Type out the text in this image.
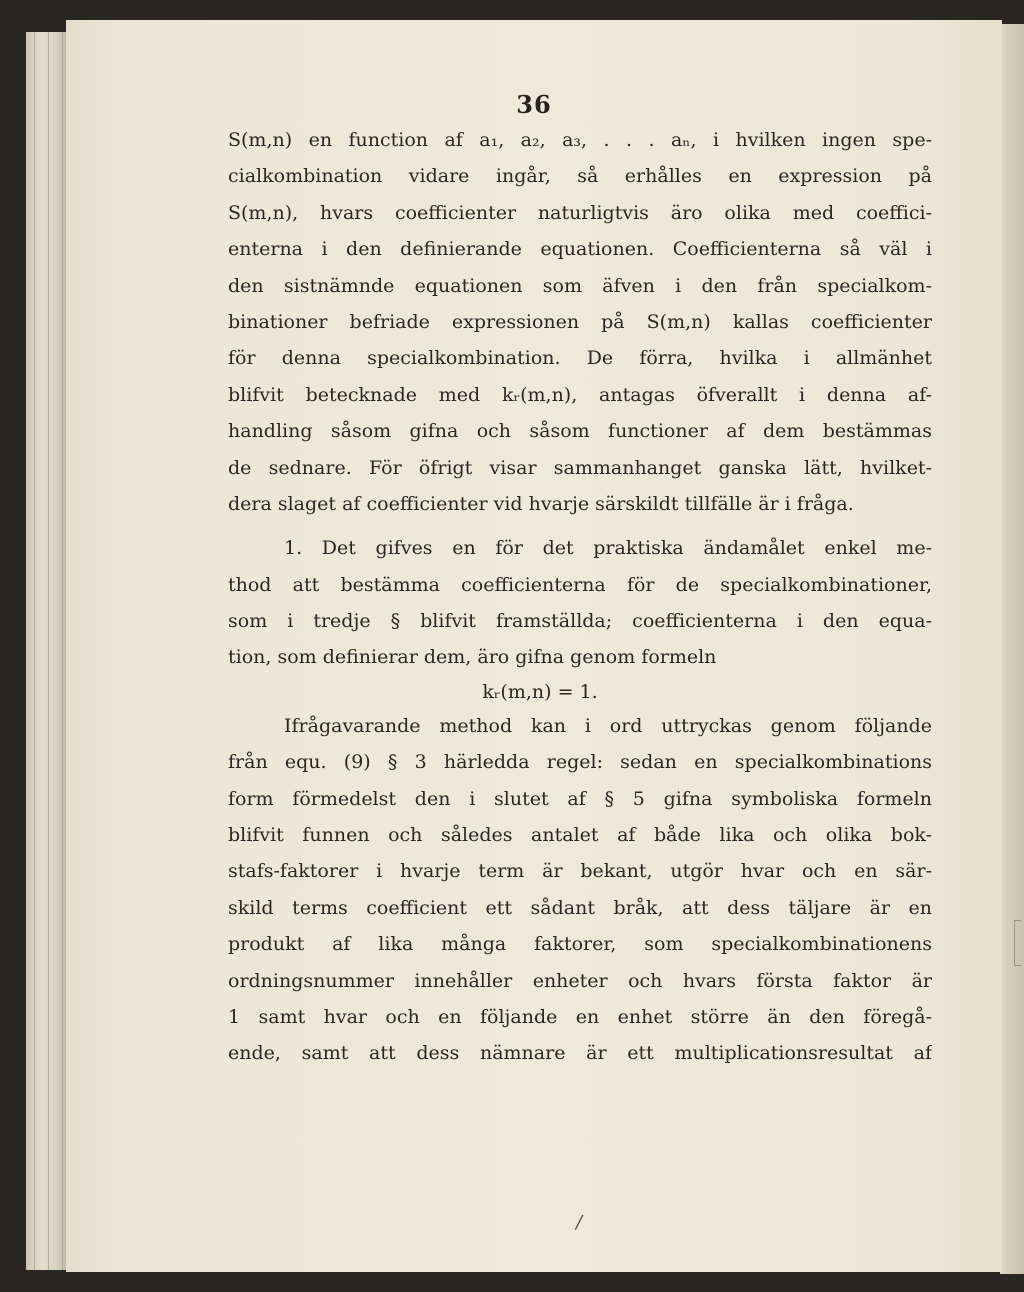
36
S(m,n) en function af a₁, a₂, a₃, . . . aₙ, i hvilken ingen spe-
cialkombination vidare ingår, så erhålles en expression på
S(m,n), hvars coefficienter naturligtvis äro olika med coeffici-
enterna i den definierande equationen. Coefficienterna så väl i
den sistnämnde equationen som äfven i den från specialkom-
binationer befriade expressionen på S(m,n) kallas coefficienter
för denna specialkombination. De förra, hvilka i allmänhet
blifvit betecknade med kᵣ(m,n), antagas öfverallt i denna af-
handling såsom gifna och såsom functioner af dem bestämmas
de sednare. För öfrigt visar sammanhanget ganska lätt, hvilket-
dera slaget af coefficienter vid hvarje särskildt tillfälle är i fråga.
1. Det gifves en för det praktiska ändamålet enkel me-
thod att bestämma coefficienterna för de specialkombinationer,
som i tredje § blifvit framställda; coefficienterna i den equa-
tion, som definierar dem, äro gifna genom formeln
kᵣ(m,n) = 1.
Ifrågavarande method kan i ord uttryckas genom följande
från equ. (9) § 3 härledda regel: sedan en specialkombinations
form förmedelst den i slutet af § 5 gifna symboliska formeln
blifvit funnen och således antalet af både lika och olika bok-
stafs-faktorer i hvarje term är bekant, utgör hvar och en sär-
skild terms coefficient ett sådant bråk, att dess täljare är en
produkt af lika många faktorer, som specialkombinationens
ordningsnummer innehåller enheter och hvars första faktor är
1 samt hvar och en följande en enhet större än den föregå-
ende, samt att dess nämnare är ett multiplicationsresultat af
/
